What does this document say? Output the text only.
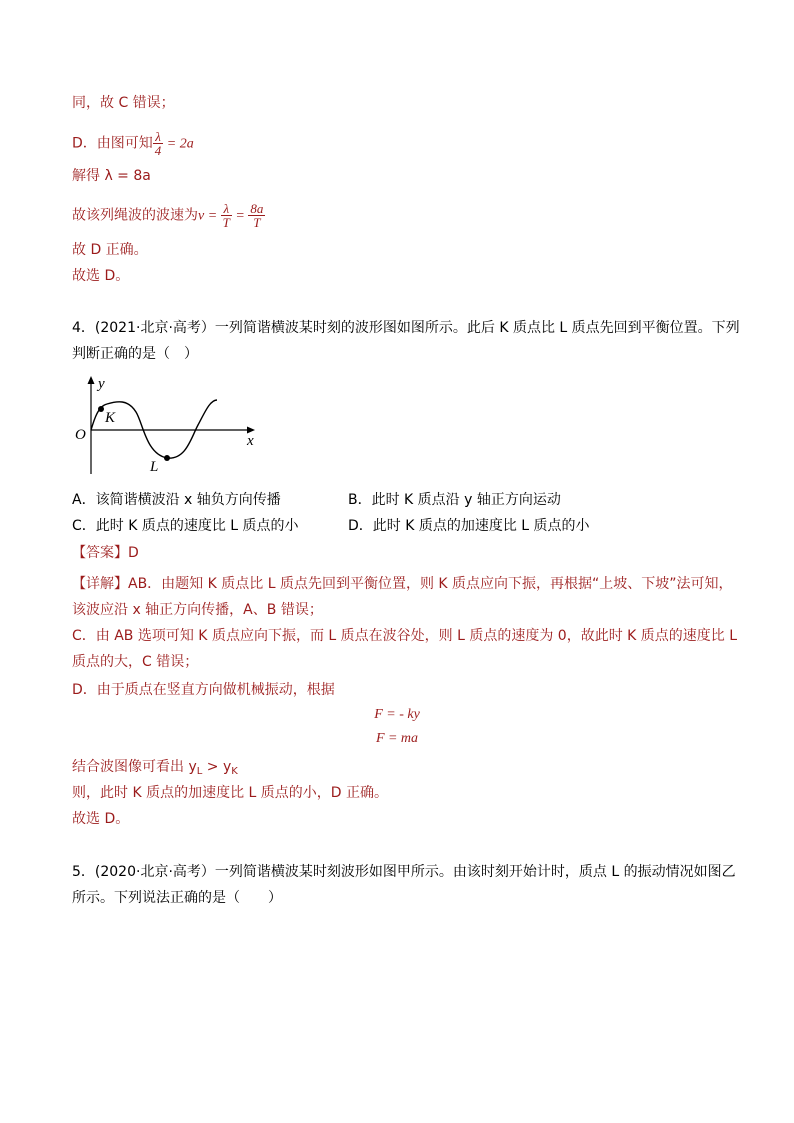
同，故 C 错误；
D．由图可知 $\frac{\lambda}{4} = 2a$
解得 λ = 8a
故该列绳波的波速为$v = \frac{\lambda}{T} = \frac{8a}{T}$
故 D 正确。
故选 D。
4．(2021·北京·高考）一列简谐横波某时刻的波形图如图所示。此后 K 质点比 L 质点先回到平衡位置。下列
判断正确的是（　）
y
x
O
K
L
A．该简谐横波沿 x 轴负方向传播	B．此时 K 质点沿 y 轴正方向运动
C．此时 K 质点的速度比 L 质点的小	D．此时 K 质点的加速度比 L 质点的小
【答案】D
【详解】AB．由题知 K 质点比 L 质点先回到平衡位置，则 K 质点应向下振，再根据“上坡、下坡”法可知，
该波应沿 x 轴正方向传播，A、B 错误；
C．由 AB 选项可知 K 质点应向下振，而 L 质点在波谷处，则 L 质点的速度为 0，故此时 K 质点的速度比 L
质点的大，C 错误；
D．由于质点在竖直方向做机械振动，根据
F = - ky
F = ma
结合波图像可看出 $y_L > y_K$
则，此时 K 质点的加速度比 L 质点的小，D 正确。
故选 D。
5．(2020·北京·高考）一列简谐横波某时刻波形如图甲所示。由该时刻开始计时，质点 L 的振动情况如图乙
所示。下列说法正确的是（　　）
